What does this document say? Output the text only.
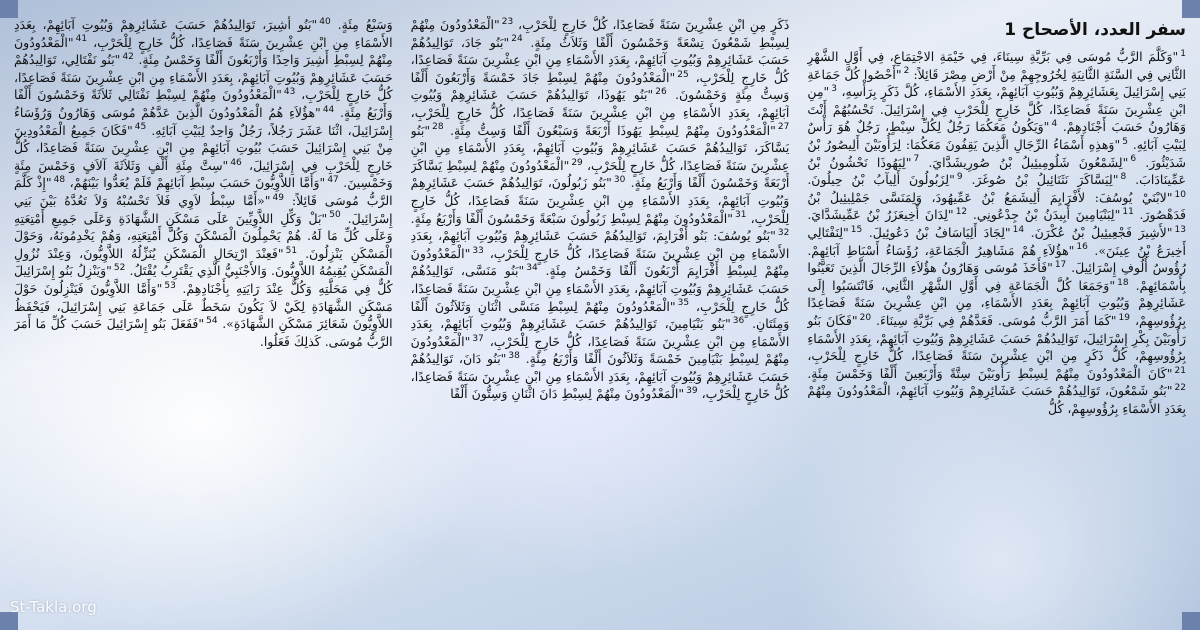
سفر العدد، الأصحاح 1

$^1$"وَكَلَّمَ الرَّبُّ مُوسَى فِي بَرِّيَّةِ سِينَاءَ، فِي خَيْمَةِ الاجْتِمَاعِ، فِي أَوَّلِ الشَّهْرِ الثَّانِي فِي السَّنَةِ الثَّانِيَةِ لِخُرُوجِهِمْ مِنْ أَرْضِ مِصْرَ قَائِلاً: $^2$"أَحْصُوا كُلَّ جَمَاعَةِ بَنِي إِسْرَائِيلَ بِعَشَائِرِهِمْ وَبُيُوتِ آبَائِهِمْ، بِعَدَدِ الأَسْمَاءِ، كُلَّ ذَكَرٍ بِرَأْسِهِ، $^3$"مِنِ ابْنِ عِشْرِينَ سَنَةً فَصَاعِدًا، كُلَّ خَارِجٍ لِلْحَرْبِ فِي إِسْرَائِيلَ. تَحْسُبُهُمْ أَنْتَ وَهَارُونُ حَسَبَ أَجْنَادِهِمْ. $^4$"وَيَكُونُ مَعَكُمَا رَجُلٌ لِكُلِّ سِبْطٍ، رَجُلٌ هُوَ رَأْسٌ لِبَيْتِ آبَائِهِ. $^5$"وَهذِهِ أَسْمَاءُ الرِّجَالِ الَّذِينَ يَقِفُونَ مَعَكُمَا: لِرَأُوبَيْنَ أَلِيصُورُ بْنُ شَدَيْئُورَ. $^6$"لِشَمْعُونَ شَلُومِيئِيلُ بْنُ صُورِيشَدَّايَ. $^7$"لِيَهُوذَا نَحْشُونُ بْنُ عَمِّينَادَابَ. $^8$"لِيَسَّاكَرَ نَثَنَائِيلُ بْنُ صُوغَرَ. $^9$"لِزَبُولُونَ أَلِيآبُ بْنُ حِيلُونَ. $^{10}$"لابْنَيْ يُوسُفَ: لأَفْرَايِمَ أَلِيشَمَعُ بْنُ عَمِّيهُودَ، وَلِمَنَسَّى جَمْلِيئِيلُ بْنُ فَدَهْصُورَ. $^{11}$"لِبَنْيَامِينَ أَبِيدَنُ بْنُ جِدْعُونِي. $^{12}$"لِدَانَ أَخِيعَزَرُ بْنُ عَمِّيشَدَّايَ. $^{13}$"لأَشِيرَ فَجْعِيئِيلُ بْنُ عُكْرَنَ. $^{14}$"لِجَادَ أَلِيَاسَافُ بْنُ دَعُوئِيلَ. $^{15}$"لِنَفْتَالِي أَخِيرَعُ بْنُ عِينَنَ». $^{16}$"هؤُلاَءِ هُمْ مَشَاهِيرُ الْجَمَاعَةِ، رُؤَسَاءُ أَسْبَاطِ آبَائِهِمْ. رُؤُوسُ أُلُوفِ إِسْرَائِيلَ. $^{17}$"فَأَخَذَ مُوسَى وَهَارُونُ هؤُلاَءِ الرِّجَالَ الَّذِينَ تَعَيَّنُوا بِأَسْمَائِهِمْ. $^{18}$"وَجَمَعَا كُلَّ الْجَمَاعَةِ فِي أَوَّلِ الشَّهْرِ الثَّانِي، فَانْتَسَبُوا إِلَى عَشَائِرِهِمْ وَبُيُوتِ آبَائِهِمْ بِعَدَدِ الأَسْمَاءِ، مِنِ ابْنِ عِشْرِينَ سَنَةً فَصَاعِدًا بِرُؤُوسِهِمْ، $^{19}$"كَمَا أَمَرَ الرَّبُّ مُوسَى. فَعَدَّهُمْ فِي بَرِّيَّةِ سِينَاءَ. $^{20}$"فَكَانَ بَنُو رَأُوبَيْنَ بِكْرِ إِسْرَائِيلَ، تَوَالِيدُهُمْ حَسَبَ عَشَائِرِهِمْ وَبُيُوتِ آبَائِهِمْ، بِعَدَدِ الأَسْمَاءِ بِرُؤُوسِهِمْ، كُلُّ ذَكَرٍ مِنِ ابْنِ عِشْرِينَ سَنَةً فَصَاعِدًا، كُلُّ خَارِجٍ لِلْحَرْبِ، $^{21}$"كَانَ الْمَعْدُودُونَ مِنْهُمْ لِسِبْطِ رَأُوبَيْنَ سِتَّةً وَأَرْبَعِينَ أَلْفًا وَخَمْسَ مِئَةٍ. $^{22}$"بَنُو شَمْعُونَ، تَوَالِيدُهُمْ حَسَبَ عَشَائِرِهِمْ وَبُيُوتِ آبَائِهِمْ، الْمَعْدُودُونَ مِنْهُمْ بِعَدَدِ الأَسْمَاءِ بِرُؤُوسِهِمْ، كُلُّ

ذَكَرٍ مِنِ ابْنِ عِشْرِينَ سَنَةً فَصَاعِدًا، كُلُّ خَارِجٍ لِلْحَرْبِ، $^{23}$"الْمَعْدُودُونَ مِنْهُمْ لِسِبْطِ شَمْعُونَ تِسْعَةً وَخَمْسُونَ أَلْفًا وَثَلاَثُ مِئَةٍ. $^{24}$"بَنُو جَادَ، تَوَالِيدُهُمْ حَسَبَ عَشَائِرِهِمْ وَبُيُوتِ آبَائِهِمْ، بِعَدَدِ الأَسْمَاءِ مِنِ ابْنِ عِشْرِينَ سَنَةً فَصَاعِدًا، كُلُّ خَارِجٍ لِلْحَرْبِ، $^{25}$"الْمَعْدُودُونَ مِنْهُمْ لِسِبْطِ جَادَ خَمْسَةً وَأَرْبَعُونَ أَلْفًا وَسِتُّ مِئَةٍ وَخَمْسُونَ. $^{26}$"بَنُو يَهُوذَا، تَوَالِيدُهُمْ حَسَبَ عَشَائِرِهِمْ وَبُيُوتِ آبَائِهِمْ، بِعَدَدِ الأَسْمَاءِ مِنِ ابْنِ عِشْرِينَ سَنَةً فَصَاعِدًا، كُلُّ خَارِجٍ لِلْحَرْبِ، $^{27}$"الْمَعْدُودُونَ مِنْهُمْ لِسِبْطِ يَهُوذَا أَرْبَعَةً وَسَبْعُونَ أَلْفًا وَسِتُّ مِئَةٍ. $^{28}$"بَنُو يَسَّاكَرَ، تَوَالِيدُهُمْ حَسَبَ عَشَائِرِهِمْ وَبُيُوتِ آبَائِهِمْ، بِعَدَدِ الأَسْمَاءِ مِنِ ابْنِ عِشْرِينَ سَنَةً فَصَاعِدًا، كُلُّ خَارِجٍ لِلْحَرْبِ، $^{29}$"الْمَعْدُودُونَ مِنْهُمْ لِسِبْطِ يَسَّاكَرَ أَرْبَعَةً وَخَمْسُونَ أَلْفًا وَأَرْبَعُ مِئَةٍ. $^{30}$"بَنُو زَبُولُونَ، تَوَالِيدُهُمْ حَسَبَ عَشَائِرِهِمْ وَبُيُوتِ آبَائِهِمْ، بِعَدَدِ الأَسْمَاءِ مِنِ ابْنِ عِشْرِينَ سَنَةً فَصَاعِدًا، كُلُّ خَارِجٍ لِلْحَرْبِ، $^{31}$"الْمَعْدُودُونَ مِنْهُمْ لِسِبْطِ زَبُولُونَ سَبْعَةً وَخَمْسُونَ أَلْفًا وَأَرْبَعُ مِئَةٍ. $^{32}$"بَنُو يُوسُفَ: بَنُو أَفْرَايِمَ، تَوَالِيدُهُمْ حَسَبَ عَشَائِرِهِمْ وَبُيُوتِ آبَائِهِمْ، بِعَدَدِ الأَسْمَاءِ مِنِ ابْنِ عِشْرِينَ سَنَةً فَصَاعِدًا، كُلُّ خَارِجٍ لِلْحَرْبِ، $^{33}$"الْمَعْدُودُونَ مِنْهُمْ لِسِبْطِ أَفْرَايِمَ أَرْبَعُونَ أَلْفًا وَخَمْسُ مِئَةٍ. $^{34}$"بَنُو مَنَسَّى، تَوَالِيدُهُمْ حَسَبَ عَشَائِرِهِمْ وَبُيُوتِ آبَائِهِمْ، بِعَدَدِ الأَسْمَاءِ مِنِ ابْنِ عِشْرِينَ سَنَةً فَصَاعِدًا، كُلُّ خَارِجٍ لِلْحَرْبِ، $^{35}$"الْمَعْدُودُونَ مِنْهُمْ لِسِبْطِ مَنَسَّى اثْنَانِ وَثَلاَثُونَ أَلْفًا وَمِئَتَانِ. $^{36}$"بَنُو بَنْيَامِينَ، تَوَالِيدُهُمْ حَسَبَ عَشَائِرِهِمْ وَبُيُوتِ آبَائِهِمْ، بِعَدَدِ الأَسْمَاءِ مِنِ ابْنِ عِشْرِينَ سَنَةً فَصَاعِدًا، كُلُّ خَارِجٍ لِلْحَرْبِ، $^{37}$"الْمَعْدُودُونَ مِنْهُمْ لِسِبْطِ بَنْيَامِينَ خَمْسَةً وَثَلاَثُونَ أَلْفًا وَأَرْبَعُ مِئَةٍ. $^{38}$"بَنُو دَانَ، تَوَالِيدُهُمْ حَسَبَ عَشَائِرِهِمْ وَبُيُوتِ آبَائِهِمْ، بِعَدَدِ الأَسْمَاءِ مِنِ ابْنِ عِشْرِينَ سَنَةً فَصَاعِدًا، كُلُّ خَارِجٍ لِلْحَرْبِ، $^{39}$"الْمَعْدُودُونَ مِنْهُمْ لِسِبْطِ دَانَ اثْنَانِ وَسِتُّونَ أَلْفًا

وَسَبْعُ مِئَةٍ. $^{40}$"بَنُو أَشِيرَ، تَوَالِيدُهُمْ حَسَبَ عَشَائِرِهِمْ وَبُيُوتِ آبَائِهِمْ، بِعَدَدِ الأَسْمَاءِ مِنِ ابْنِ عِشْرِينَ سَنَةً فَصَاعِدًا، كُلُّ خَارِجٍ لِلْحَرْبِ، $^{41}$"الْمَعْدُودُونَ مِنْهُمْ لِسِبْطِ أَشِيرَ وَاحِدًا وَأَرْبَعُونَ أَلْفًا وَخَمْسُ مِئَةٍ. $^{42}$"بَنُو نَفْتَالِي، تَوَالِيدُهُمْ حَسَبَ عَشَائِرِهِمْ وَبُيُوتِ آبَائِهِمْ، بِعَدَدِ الأَسْمَاءِ مِنِ ابْنِ عِشْرِينَ سَنَةً فَصَاعِدًا، كُلُّ خَارِجٍ لِلْحَرْبِ، $^{43}$"الْمَعْدُودُونَ مِنْهُمْ لِسِبْطِ نَفْتَالِي ثَلاَثَةً وَخَمْسُونَ أَلْفًا وَأَرْبَعُ مِئَةٍ. $^{44}$"هؤُلاَءِ هُمُ الْمَعْدُودُونَ الَّذِينَ عَدَّهُمْ مُوسَى وَهَارُونُ وَرُؤَسَاءُ إِسْرَائِيلَ، اثْنَا عَشَرَ رَجُلاً، رَجُلٌ وَاحِدٌ لِبَيْتِ آبَائِهِ. $^{45}$"فَكَانَ جَمِيعُ الْمَعْدُودِينَ مِنْ بَنِي إِسْرَائِيلَ حَسَبَ بُيُوتِ آبَائِهِمْ مِنِ ابْنِ عِشْرِينَ سَنَةً فَصَاعِدًا، كُلُّ خَارِجٍ لِلْحَرْبِ فِي إِسْرَائِيلَ، $^{46}$"سِتَّ مِئَةِ أَلْفٍ وَثَلاَثَةَ آلاَفٍ وَخَمْسَ مِئَةٍ وَخَمْسِينَ. $^{47}$"وَأَمَّا اللاَّوِيُّونَ حَسَبَ سِبْطِ آبَائِهِمْ فَلَمْ يُعَدُّوا بَيْنَهُمْ، $^{48}$"إِذْ كَلَّمَ الرَّبُّ مُوسَى قَائِلاً: $^{49}$"«أَمَّا سِبْطُ لاَوِي فَلاَ تَحْسُبْهُ وَلاَ تَعُدَّهُ بَيْنَ بَنِي إِسْرَائِيلَ. $^{50}$"بَلْ وَكِّلِ اللاَّوِيِّينَ عَلَى مَسْكَنِ الشَّهَادَةِ وَعَلَى جَمِيعِ أَمْتِعَتِهِ وَعَلَى كُلِّ مَا لَهُ. هُمْ يَحْمِلُونَ الْمَسْكَنَ وَكُلَّ أَمْتِعَتِهِ، وَهُمْ يَخْدِمُونَهُ، وَحَوْلَ الْمَسْكَنِ يَنْزِلُونَ. $^{51}$"فَعِنْدَ ارْتِحَالِ الْمَسْكَنِ يُنَزِّلُهُ اللاَّوِيُّونَ، وَعِنْدَ نُزُولِ الْمَسْكَنِ يُقِيمُهُ اللاَّوِيُّونَ. وَالأَجْنَبِيُّ الَّذِي يَقْتَرِبُ يُقْتَلُ. $^{52}$"وَيَنْزِلُ بَنُو إِسْرَائِيلَ كُلٌّ فِي مَحَلَّتِهِ وَكُلٌّ عِنْدَ رَايَتِهِ بِأَجْنَادِهِمْ. $^{53}$"وَأَمَّا اللاَّوِيُّونَ فَيَنْزِلُونَ حَوْلَ مَسْكَنِ الشَّهَادَةِ لِكَيْ لاَ يَكُونَ سَخَطٌ عَلَى جَمَاعَةِ بَنِي إِسْرَائِيلَ، فَيَحْفَظُ اللاَّوِيُّونَ شَعَائِرَ مَسْكَنِ الشَّهَادَةِ». $^{54}$"فَفَعَلَ بَنُو إِسْرَائِيلَ حَسَبَ كُلِّ مَا أَمَرَ الرَّبُّ مُوسَى. كَذلِكَ فَعَلُوا.

St-Takla.org
